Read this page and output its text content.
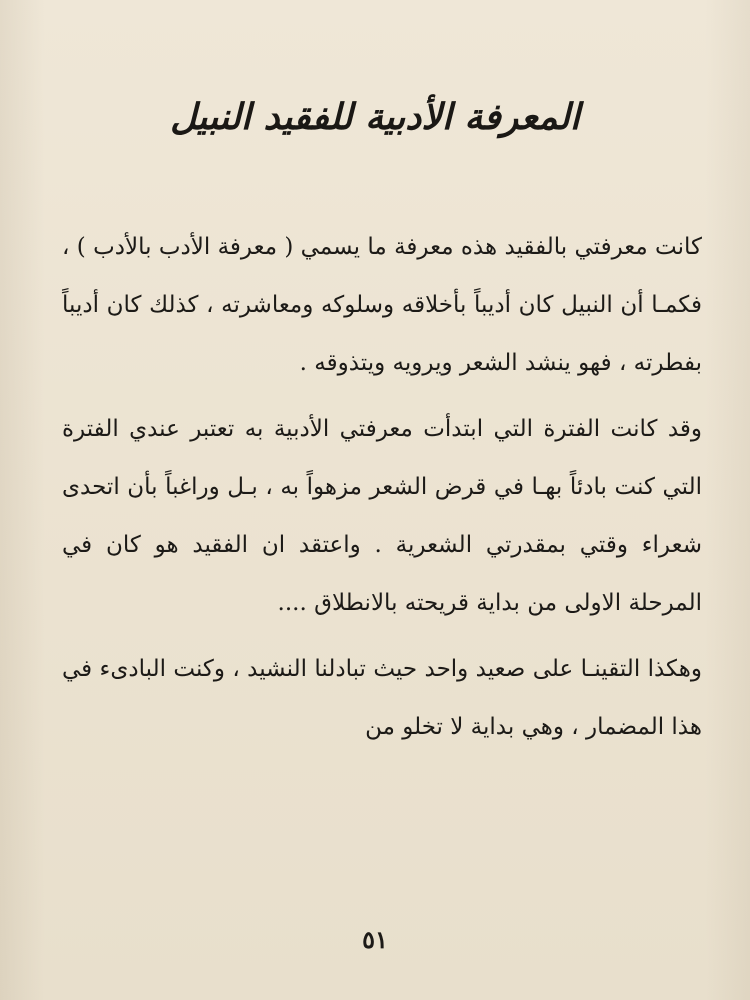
المعرفة الأدبية للفقيد النبيل

كانت معرفتي بالفقيد هذه معرفة ما يسمي ( معرفة الأدب بالأدب ) ، فكمـا أن النبيل كان أديباً بأخلاقه وسلوكه ومعاشرته ، كذلك كان أديباً بفطرته ، فهو ينشد الشعر ويرويه ويتذوقه .

وقد كانت الفترة التي ابتدأت معرفتي الأدبية به تعتبر عندي الفترة التي كنت بادئاً بهـا في قرض الشعر مزهواً به ، بـل وراغباً بأن اتحدى شعراء وقتي بمقدرتي الشعرية . واعتقد ان الفقيد هو كان في المرحلة الاولى من بداية قريحته بالانطلاق ....

وهكذا التقينـا على صعيد واحد حيث تبادلنا النشيد ، وكنت البادىء في هذا المضمار ، وهي بداية لا تخلو من

٥١
